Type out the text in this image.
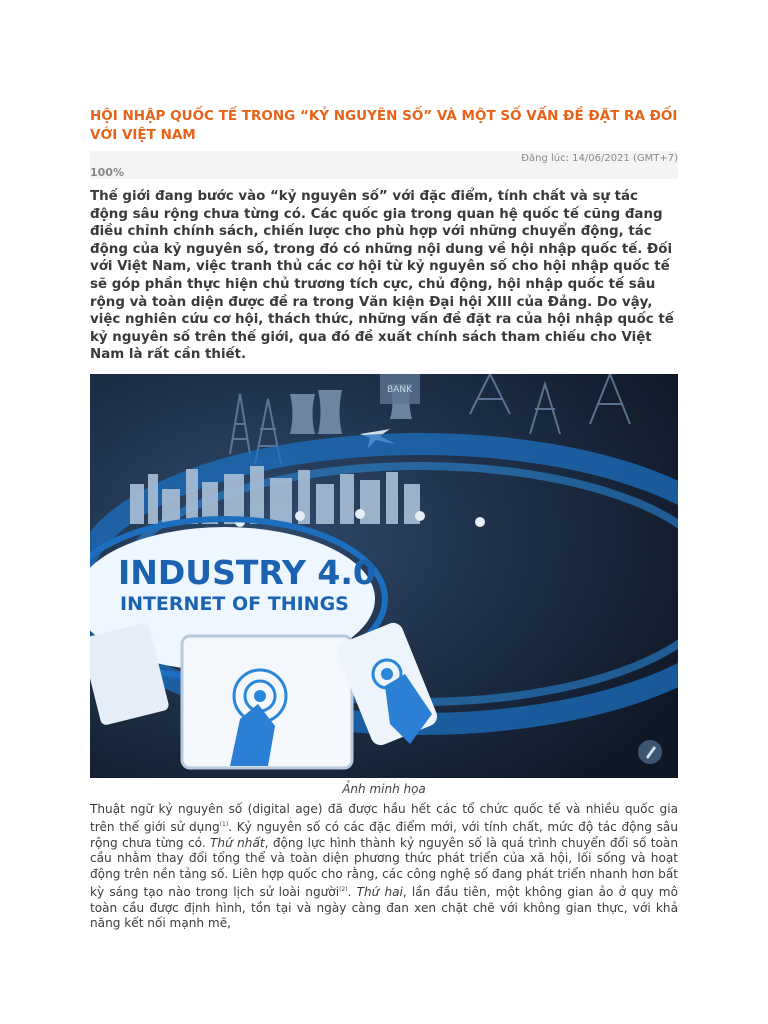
HỘI NHẬP QUỐC TẾ TRONG “KỶ NGUYÊN SỐ” VÀ MỘT SỐ VẤN ĐỀ ĐẶT RA ĐỐI VỚI VIỆT NAM
Đăng lúc: 14/06/2021 (GMT+7)
100%
Thế giới đang bước vào “kỷ nguyên số” với đặc điểm, tính chất và sự tác động sâu rộng chưa từng có. Các quốc gia trong quan hệ quốc tế cũng đang điều chỉnh chính sách, chiến lược cho phù hợp với những chuyển động, tác động của kỷ nguyên số, trong đó có những nội dung về hội nhập quốc tế. Đối với Việt Nam, việc tranh thủ các cơ hội từ kỷ nguyên số cho hội nhập quốc tế sẽ góp phần thực hiện chủ trương tích cực, chủ động, hội nhập quốc tế sâu rộng và toàn diện được đề ra trong Văn kiện Đại hội XIII của Đảng. Do vậy, việc nghiên cứu cơ hội, thách thức, những vấn đề đặt ra của hội nhập quốc tế kỷ nguyên số trên thế giới, qua đó đề xuất chính sách tham chiếu cho Việt Nam là rất cần thiết.
BANK
INDUSTRY 4.0
INTERNET OF THINGS
Ảnh minh họa
Thuật ngữ kỷ nguyên số (digital age) đã được hầu hết các tổ chức quốc tế và nhiều quốc gia trên thế giới sử dụng$^{(1)}$. Kỷ nguyên số có các đặc điểm mới, với tính chất, mức độ tác động sâu rộng chưa từng có. Thứ nhất, động lực hình thành kỷ nguyên số là quá trình chuyển đổi số toàn cầu nhằm thay đổi tổng thể và toàn diện phương thức phát triển của xã hội, lối sống và hoạt động trên nền tảng số. Liên hợp quốc cho rằng, các công nghệ số đang phát triển nhanh hơn bất kỳ sáng tạo nào trong lịch sử loài người$^{(2)}$. Thứ hai, lần đầu tiên, một không gian ảo ở quy mô toàn cầu được định hình, tồn tại và ngày càng đan xen chặt chẽ với không gian thực, với khả năng kết nối mạnh mẽ,
